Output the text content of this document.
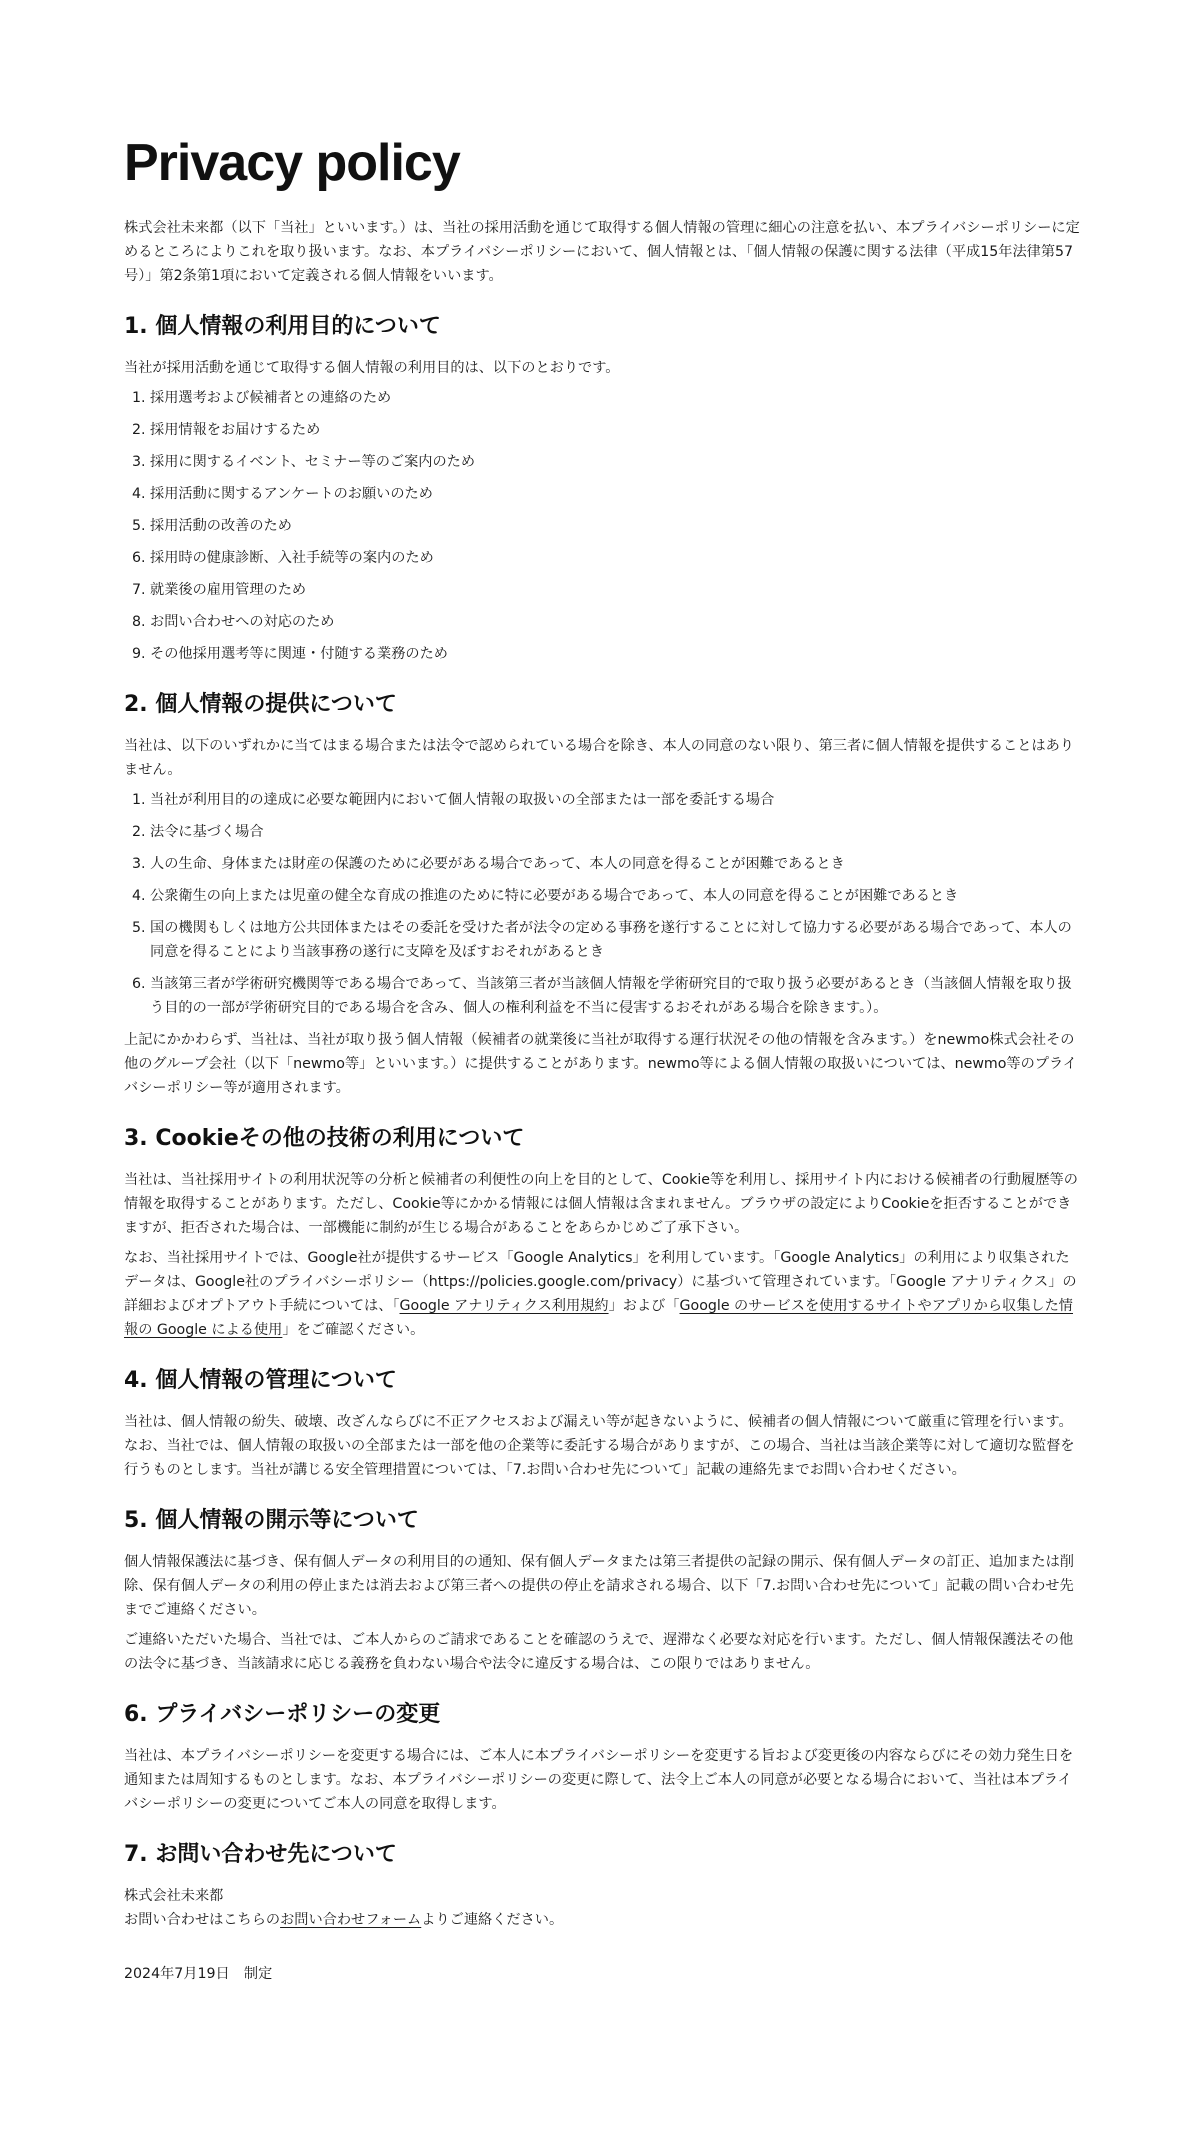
Privacy policy

株式会社未来都（以下「当社」といいます。）は、当社の採用活動を通じて取得する個人情報の管理に細心の注意を払い、本プライバシーポリシーに定めるところによりこれを取り扱います。なお、本プライバシーポリシーにおいて、個人情報とは、「個人情報の保護に関する法律（平成15年法律第57号）」第2条第1項において定義される個人情報をいいます。

1. 個人情報の利用目的について

当社が採用活動を通じて取得する個人情報の利用目的は、以下のとおりです。

1. 採用選考および候補者との連絡のため
2. 採用情報をお届けするため
3. 採用に関するイベント、セミナー等のご案内のため
4. 採用活動に関するアンケートのお願いのため
5. 採用活動の改善のため
6. 採用時の健康診断、入社手続等の案内のため
7. 就業後の雇用管理のため
8. お問い合わせへの対応のため
9. その他採用選考等に関連・付随する業務のため
2. 個人情報の提供について

当社は、以下のいずれかに当てはまる場合または法令で認められている場合を除き、本人の同意のない限り、第三者に個人情報を提供することはありません。

1. 当社が利用目的の達成に必要な範囲内において個人情報の取扱いの全部または一部を委託する場合
2. 法令に基づく場合
3. 人の生命、身体または財産の保護のために必要がある場合であって、本人の同意を得ることが困難であるとき
4. 公衆衛生の向上または児童の健全な育成の推進のために特に必要がある場合であって、本人の同意を得ることが困難であるとき
5. 国の機関もしくは地方公共団体またはその委託を受けた者が法令の定める事務を遂行することに対して協力する必要がある場合であって、本人の同意を得ることにより当該事務の遂行に支障を及ぼすおそれがあるとき
6. 当該第三者が学術研究機関等である場合であって、当該第三者が当該個人情報を学術研究目的で取り扱う必要があるとき（当該個人情報を取り扱う目的の一部が学術研究目的である場合を含み、個人の権利利益を不当に侵害するおそれがある場合を除きます。）。

上記にかかわらず、当社は、当社が取り扱う個人情報（候補者の就業後に当社が取得する運行状況その他の情報を含みます。）をnewmo株式会社その他のグループ会社（以下「newmo等」といいます。）に提供することがあります。newmo等による個人情報の取扱いについては、newmo等のプライバシーポリシー等が適用されます。

3. Cookieその他の技術の利用について

当社は、当社採用サイトの利用状況等の分析と候補者の利便性の向上を目的として、Cookie等を利用し、採用サイト内における候補者の行動履歴等の情報を取得することがあります。ただし、Cookie等にかかる情報には個人情報は含まれません。ブラウザの設定によりCookieを拒否することができますが、拒否された場合は、一部機能に制約が生じる場合があることをあらかじめご了承下さい。

なお、当社採用サイトでは、Google社が提供するサービス「Google Analytics」を利用しています。「Google Analytics」の利用により収集されたデータは、Google社のプライバシーポリシー（https://policies.google.com/privacy）に基づいて管理されています。「Google アナリティクス」の詳細およびオプトアウト手続については、「Google アナリティクス利用規約」および「Google のサービスを使用するサイトやアプリから収集した情報の Google による使用」をご確認ください。

4. 個人情報の管理について

当社は、個人情報の紛失、破壊、改ざんならびに不正アクセスおよび漏えい等が起きないように、候補者の個人情報について厳重に管理を行います。なお、当社では、個人情報の取扱いの全部または一部を他の企業等に委託する場合がありますが、この場合、当社は当該企業等に対して適切な監督を行うものとします。当社が講じる安全管理措置については、「7.お問い合わせ先について」記載の連絡先までお問い合わせください。

5. 個人情報の開示等について

個人情報保護法に基づき、保有個人データの利用目的の通知、保有個人データまたは第三者提供の記録の開示、保有個人データの訂正、追加または削除、保有個人データの利用の停止または消去および第三者への提供の停止を請求される場合、以下「7.お問い合わせ先について」記載の問い合わせ先までご連絡ください。

ご連絡いただいた場合、当社では、ご本人からのご請求であることを確認のうえで、遅滞なく必要な対応を行います。ただし、個人情報保護法その他の法令に基づき、当該請求に応じる義務を負わない場合や法令に違反する場合は、この限りではありません。

6. プライバシーポリシーの変更

当社は、本プライバシーポリシーを変更する場合には、ご本人に本プライバシーポリシーを変更する旨および変更後の内容ならびにその効力発生日を通知または周知するものとします。なお、本プライバシーポリシーの変更に際して、法令上ご本人の同意が必要となる場合において、当社は本プライバシーポリシーの変更についてご本人の同意を取得します。

7. お問い合わせ先について

株式会社未来都

お問い合わせはこちらのお問い合わせフォームよりご連絡ください。

2024年7月19日　制定
